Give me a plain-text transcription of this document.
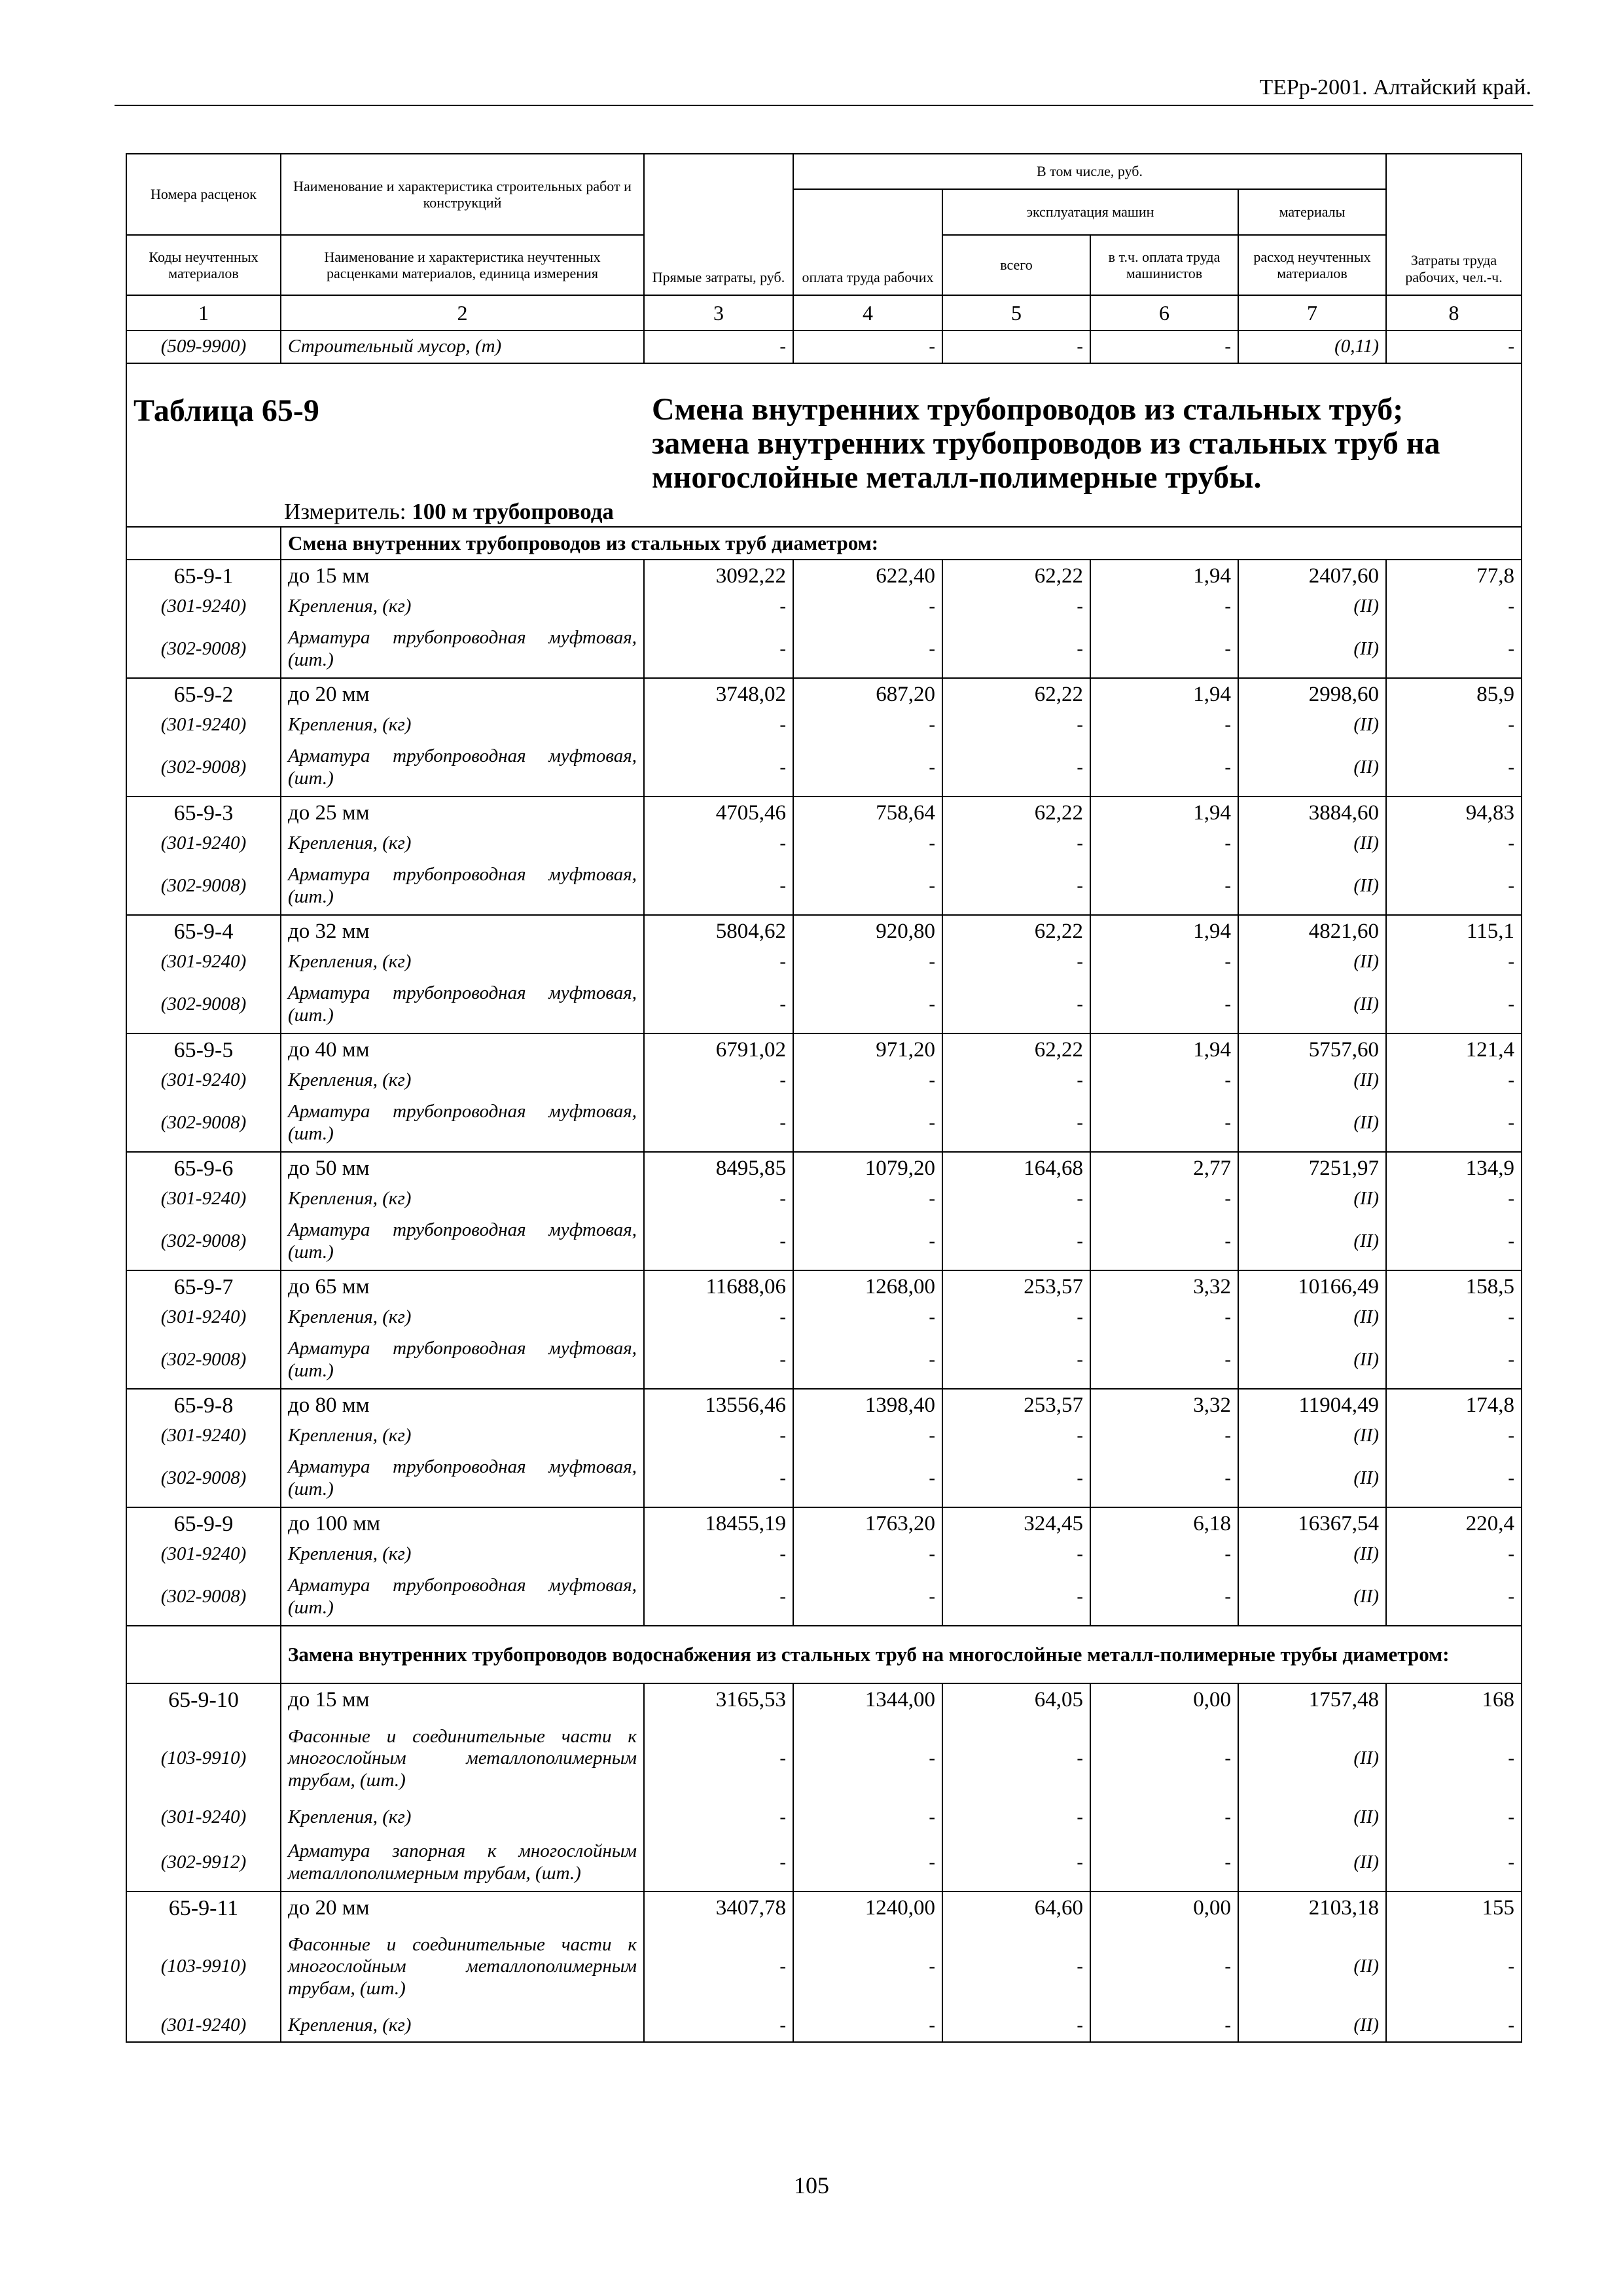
ТЕРр-2001. Алтайский край.
Номера расценок	Наименование и характеристика строительных работ и конструкций	Прямые затраты, руб.	В том числе, руб.				Затраты труда рабочих, чел.-ч.
			оплата труда рабочих	эксплуатация машин		материалы	
Коды неучтенных материалов	Наименование и характеристика неучтенных расценками материалов, единица измерения			всего	в т.ч. оплата труда машинистов	расход неучтенных материалов	
1	2	3	4	5	6	7	8
(509-9900)	Строительный мусор, (т)	-	-	-	-	(0,11)	-

Таблица 65-9 Смена внутренних трубопроводов из стальных труб; замена внутренних трубопроводов из стальных труб на многослойные металл-полимерные трубы.
Измеритель: 100 м трубопровода							

	Смена внутренних трубопроводов из стальных труб диаметром:						
65-9-1	до 15 мм	3092,22	622,40	62,22	1,94	2407,60	77,8
(301-9240)	Крепления, (кг)	-	-	-	-	(II)	-
(302-9008)	Арматура трубопроводная муфтовая, (шт.)	-	-	-	-	(II)	-
65-9-2	до 20 мм	3748,02	687,20	62,22	1,94	2998,60	85,9
(301-9240)	Крепления, (кг)	-	-	-	-	(II)	-
(302-9008)	Арматура трубопроводная муфтовая, (шт.)	-	-	-	-	(II)	-
65-9-3	до 25 мм	4705,46	758,64	62,22	1,94	3884,60	94,83
(301-9240)	Крепления, (кг)	-	-	-	-	(II)	-
(302-9008)	Арматура трубопроводная муфтовая, (шт.)	-	-	-	-	(II)	-
65-9-4	до 32 мм	5804,62	920,80	62,22	1,94	4821,60	115,1
(301-9240)	Крепления, (кг)	-	-	-	-	(II)	-
(302-9008)	Арматура трубопроводная муфтовая, (шт.)	-	-	-	-	(II)	-
65-9-5	до 40 мм	6791,02	971,20	62,22	1,94	5757,60	121,4
(301-9240)	Крепления, (кг)	-	-	-	-	(II)	-
(302-9008)	Арматура трубопроводная муфтовая, (шт.)	-	-	-	-	(II)	-
65-9-6	до 50 мм	8495,85	1079,20	164,68	2,77	7251,97	134,9
(301-9240)	Крепления, (кг)	-	-	-	-	(II)	-
(302-9008)	Арматура трубопроводная муфтовая, (шт.)	-	-	-	-	(II)	-
65-9-7	до 65 мм	11688,06	1268,00	253,57	3,32	10166,49	158,5
(301-9240)	Крепления, (кг)	-	-	-	-	(II)	-
(302-9008)	Арматура трубопроводная муфтовая, (шт.)	-	-	-	-	(II)	-
65-9-8	до 80 мм	13556,46	1398,40	253,57	3,32	11904,49	174,8
(301-9240)	Крепления, (кг)	-	-	-	-	(II)	-
(302-9008)	Арматура трубопроводная муфтовая, (шт.)	-	-	-	-	(II)	-
65-9-9	до 100 мм	18455,19	1763,20	324,45	6,18	16367,54	220,4
(301-9240)	Крепления, (кг)	-	-	-	-	(II)	-
(302-9008)	Арматура трубопроводная муфтовая, (шт.)	-	-	-	-	(II)	-
	Замена внутренних трубопроводов водоснабжения из стальных труб на многослойные металл-полимерные трубы диаметром:						
65-9-10	до 15 мм	3165,53	1344,00	64,05	0,00	1757,48	168
(103-9910)	Фасонные и соединительные части к многослойным металлополимерным трубам, (шт.)	-	-	-	-	(II)	-
(301-9240)	Крепления, (кг)	-	-	-	-	(II)	-
(302-9912)	Арматура запорная к многослойным металлополимерным трубам, (шт.)	-	-	-	-	(II)	-
65-9-11	до 20 мм	3407,78	1240,00	64,60	0,00	2103,18	155
(103-9910)	Фасонные и соединительные части к многослойным металлополимерным трубам, (шт.)	-	-	-	-	(II)	-
(301-9240)	Крепления, (кг)	-	-	-	-	(II)	-
105
